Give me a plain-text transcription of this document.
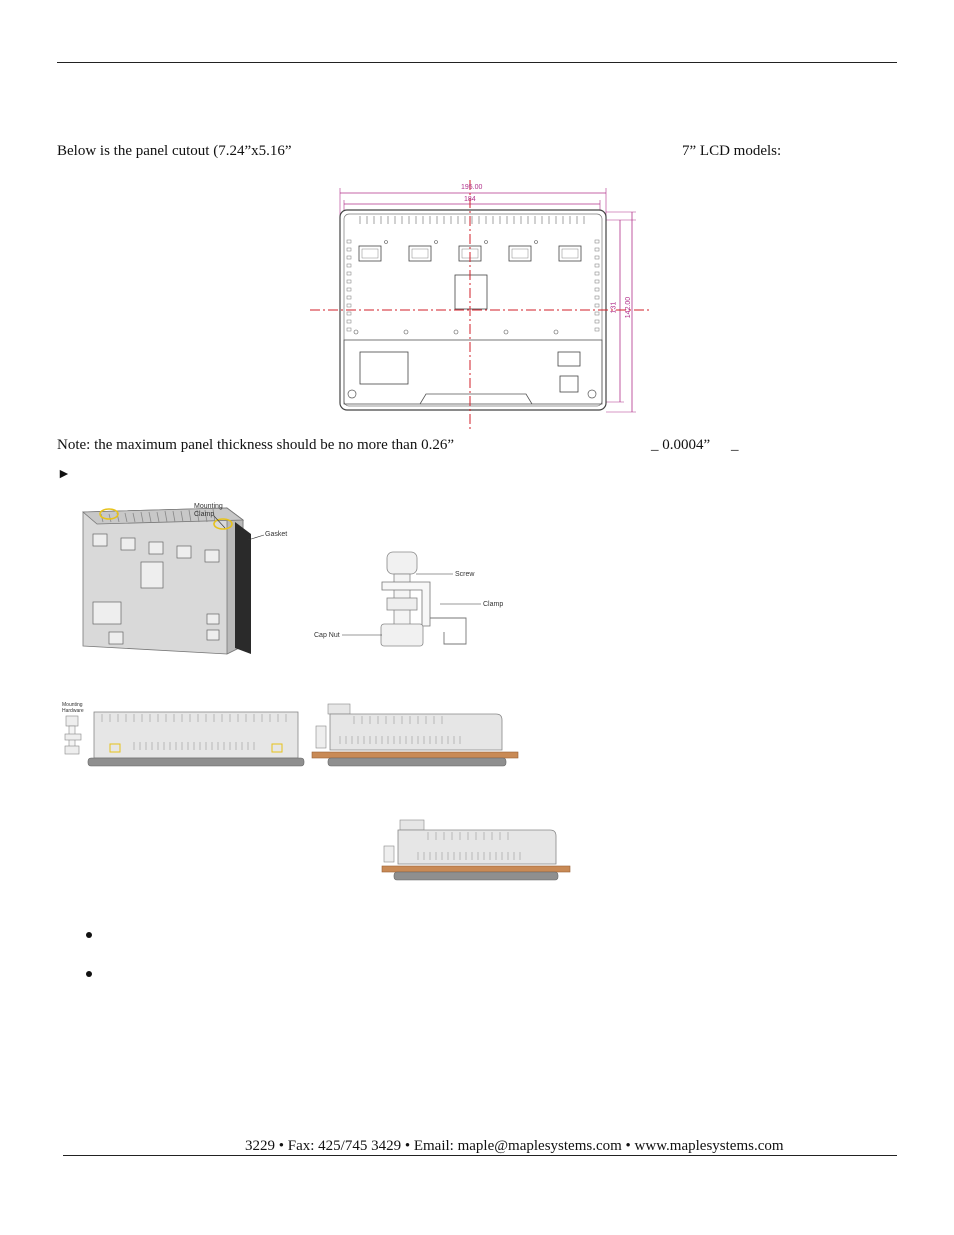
Below is the panel cutout (7.24”x5.16”	7” LCD models:
195.00
184
131 142.00
Note: the maximum panel thickness should be no more than 0.26”	_ 0.0004” _
►
Mounting Clamp
Gasket
Screw
Clamp
Cap Nut
Mounting Hardware
3229 • Fax: 425/745 3429 • Email: maple@maplesystems.com • www.maplesystems.com
